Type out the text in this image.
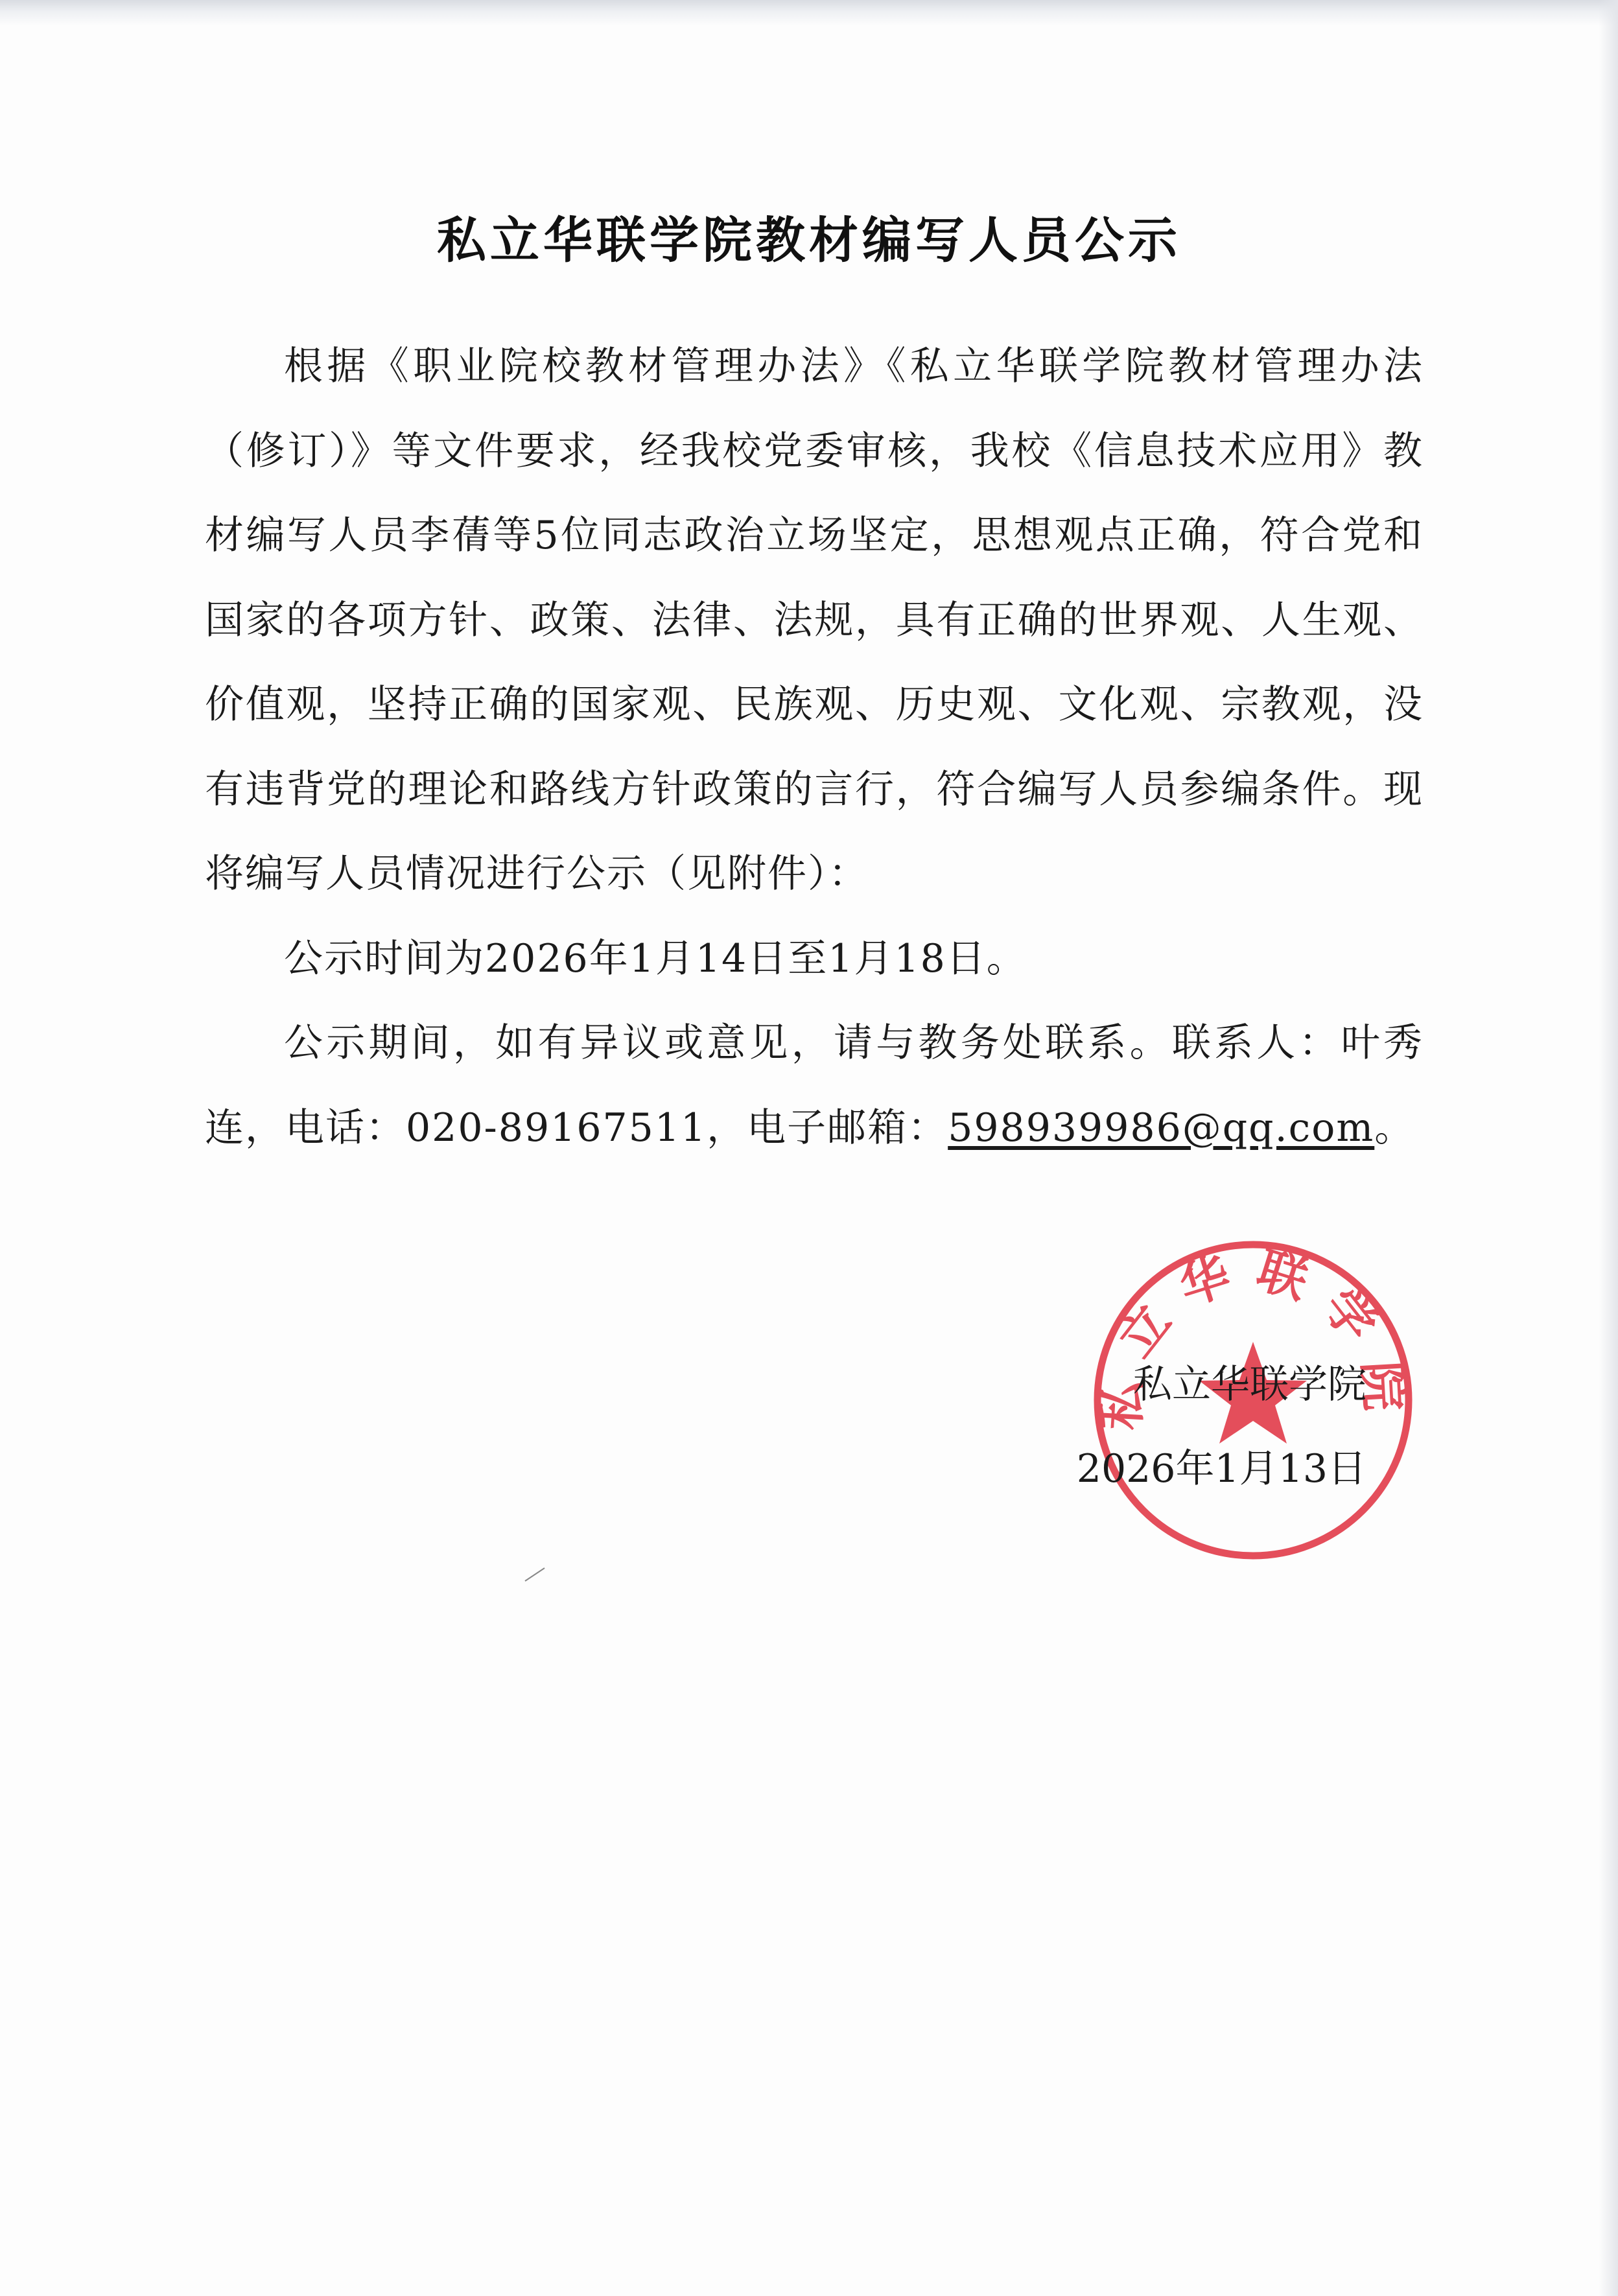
私立华联学院教材编写人员公示

根据《职业院校教材管理办法》《私立华联学院教材管理办法（修订）》等文件要求，经我校党委审核，我校《信息技术应用》教材编写人员李蒨等5位同志政治立场坚定，思想观点正确，符合党和国家的各项方针、政策、法律、法规，具有正确的世界观、人生观、价值观，坚持正确的国家观、民族观、历史观、文化观、宗教观，没有违背党的理论和路线方针政策的言行，符合编写人员参编条件。现将编写人员情况进行公示（见附件）：

公示时间为2026年1月14日至1月18日。

公示期间，如有异议或意见，请与教务处联系。联系人：叶秀连，电话：020-89167511，电子邮箱：598939986@qq.com。

私立华联学院
私立华联学院
2026年1月13日
